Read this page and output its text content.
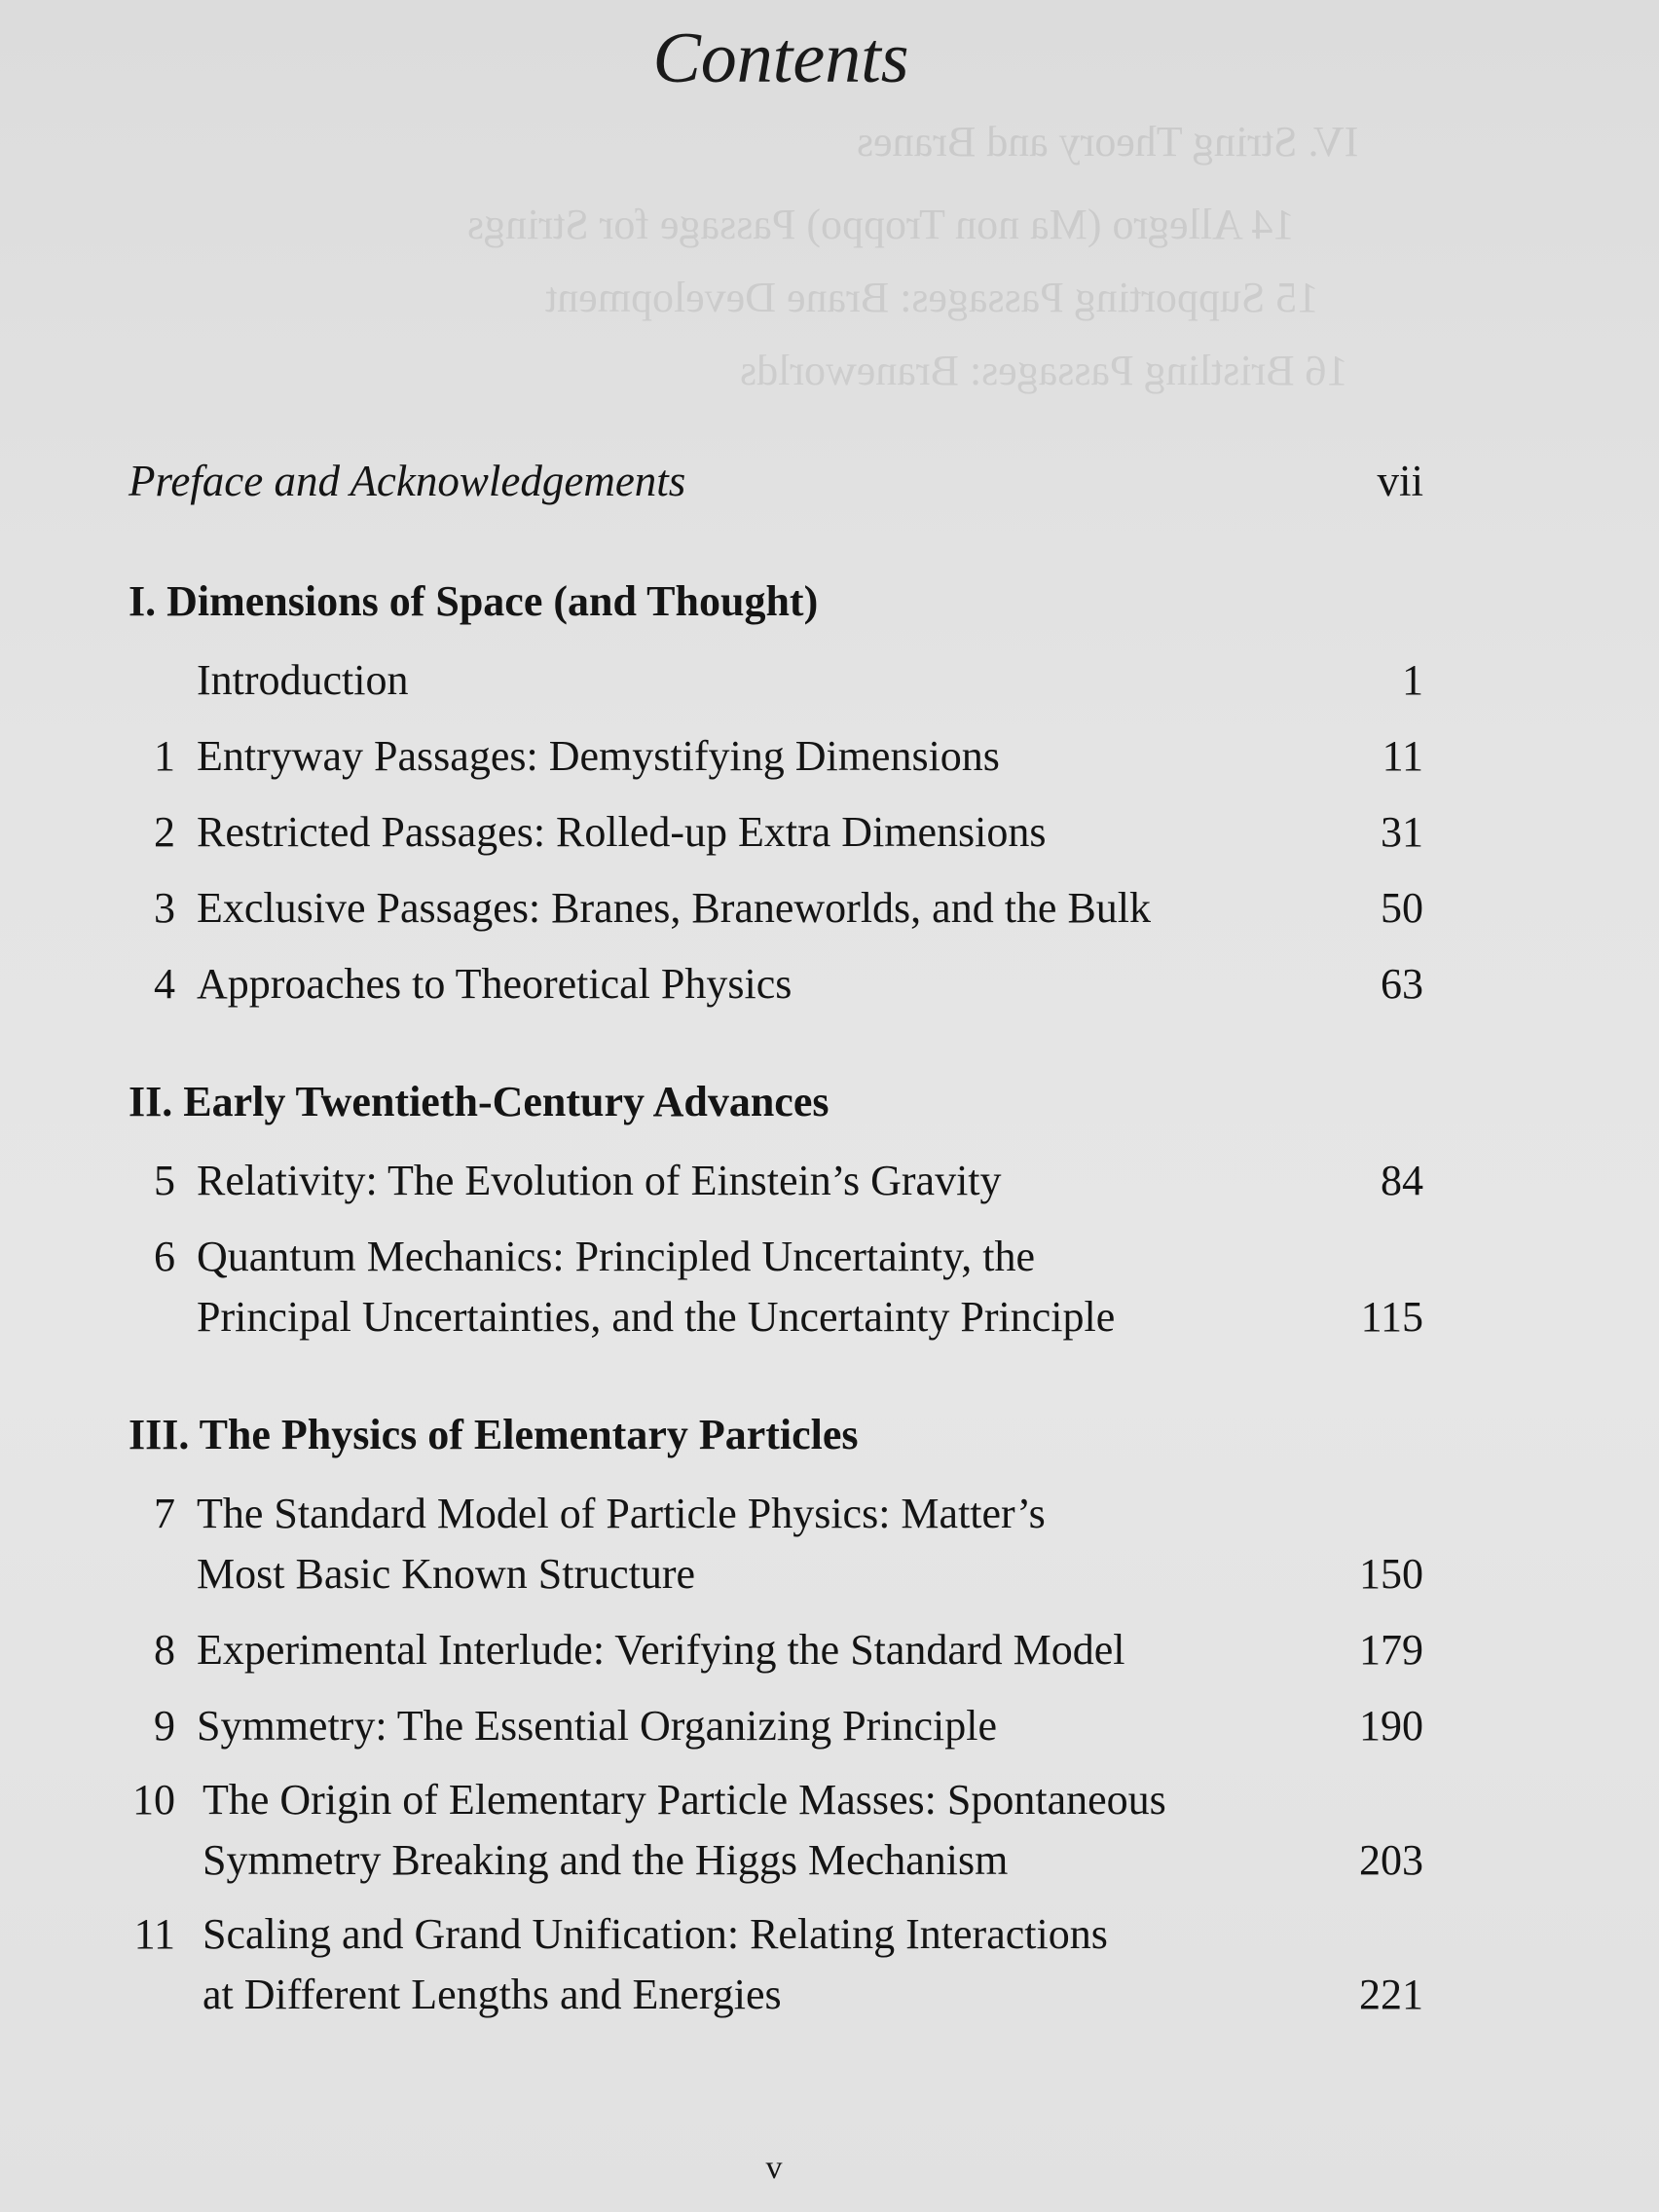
IV. String Theory and Branes
14 Allegro (Ma non Troppo) Passage for Strings
15 Supporting Passages: Brane Development
16 Bristling Passages: Braneworlds
Contents
Preface and Acknowledgements	vii
I. Dimensions of Space (and Thought)
Introduction	1
1 Entryway Passages: Demystifying Dimensions	11
2 Restricted Passages: Rolled-up Extra Dimensions	31
3 Exclusive Passages: Branes, Braneworlds, and the Bulk	50
4 Approaches to Theoretical Physics	63
II. Early Twentieth-Century Advances
5 Relativity: The Evolution of Einstein’s Gravity	84
6 Quantum Mechanics: Principled Uncertainty, the
Principal Uncertainties, and the Uncertainty Principle	115
III. The Physics of Elementary Particles
7 The Standard Model of Particle Physics: Matter’s
Most Basic Known Structure	150
8 Experimental Interlude: Verifying the Standard Model	179
9 Symmetry: The Essential Organizing Principle	190
10 The Origin of Elementary Particle Masses: Spontaneous
Symmetry Breaking and the Higgs Mechanism	203
11 Scaling and Grand Unification: Relating Interactions
at Different Lengths and Energies	221
v
